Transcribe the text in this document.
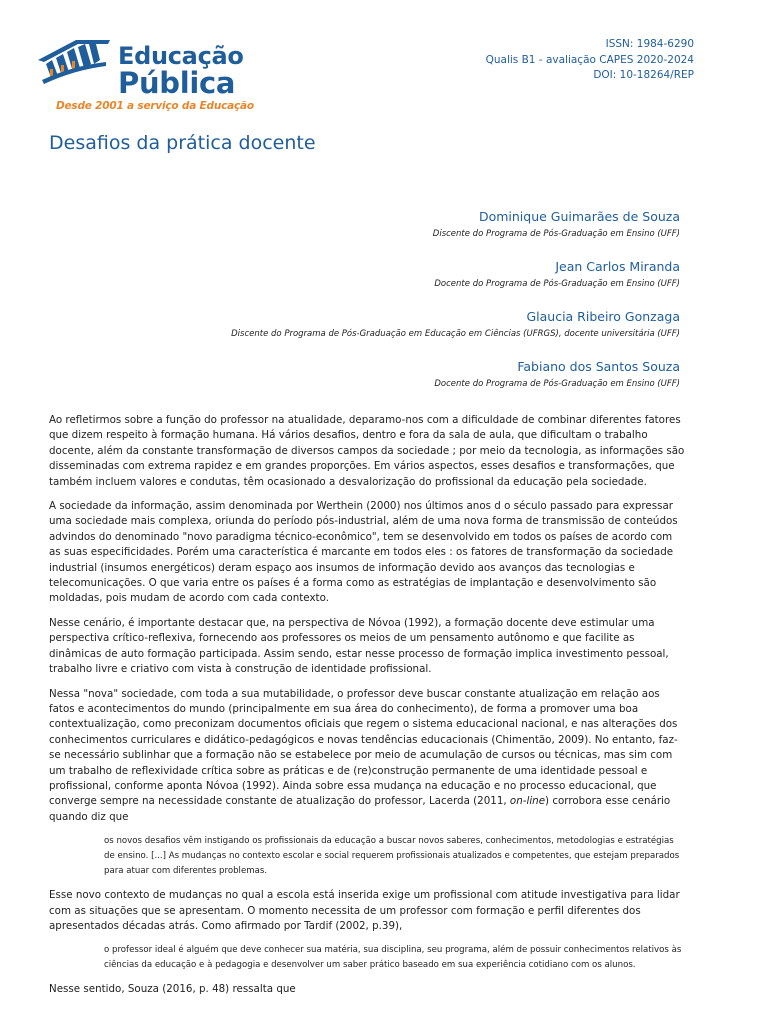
Educação
Pública
Desde 2001 a serviço da Educação
ISSN: 1984-6290
Qualis B1 - avaliação CAPES 2020-2024
DOI: 10-18264/REP
Desafios da prática docente
Dominique Guimarães de Souza
Discente do Programa de Pós-Graduação em Ensino (UFF)
Jean Carlos Miranda
Docente do Programa de Pós-Graduação em Ensino (UFF)
Glaucia Ribeiro Gonzaga
Discente do Programa de Pós-Graduação em Educação em Ciências (UFRGS), docente universitária (UFF)
Fabiano dos Santos Souza
Docente do Programa de Pós-Graduação em Ensino (UFF)

Ao refletirmos sobre a função do professor na atualidade, deparamo-nos com a dificuldade de combinar diferentes fatores que dizem respeito à formação humana. Há vários desafios, dentro e fora da sala de aula, que dificultam o trabalho docente, além da constante transformação de diversos campos da sociedade ; por meio da tecnologia, as informações são disseminadas com extrema rapidez e em grandes proporções. Em vários aspectos, esses desafios e transformações, que também incluem valores e condutas, têm ocasionado a desvalorização do profissional da educação pela sociedade.

A sociedade da informação, assim denominada por Werthein (2000) nos últimos anos d o século passado para expressar uma sociedade mais complexa, oriunda do período pós-industrial, além de uma nova forma de transmissão de conteúdos advindos do denominado "novo paradigma técnico-econômico", tem se desenvolvido em todos os países de acordo com as suas especificidades. Porém uma característica é marcante em todos eles : os fatores de transformação da sociedade industrial (insumos energéticos) deram espaço aos insumos de informação devido aos avanços das tecnologias e telecomunicações. O que varia entre os países é a forma como as estratégias de implantação e desenvolvimento são moldadas, pois mudam de acordo com cada contexto.

Nesse cenário, é importante destacar que, na perspectiva de Nóvoa (1992), a formação docente deve estimular uma perspectiva crítico-reflexiva, fornecendo aos professores os meios de um pensamento autônomo e que facilite as dinâmicas de auto formação participada. Assim sendo, estar nesse processo de formação implica investimento pessoal, trabalho livre e criativo com vista à construção de identidade profissional.

Nessa "nova" sociedade, com toda a sua mutabilidade, o professor deve buscar constante atualização em relação aos fatos e acontecimentos do mundo (principalmente em sua área do conhecimento), de forma a promover uma boa contextualização, como preconizam documentos oficiais que regem o sistema educacional nacional, e nas alterações dos conhecimentos curriculares e didático-pedagógicos e novas tendências educacionais (Chimentão, 2009). No entanto, faz-se necessário sublinhar que a formação não se estabelece por meio de acumulação de cursos ou técnicas, mas sim com um trabalho de reflexividade crítica sobre as práticas e de (re)construção permanente de uma identidade pessoal e profissional, conforme aponta Nóvoa (1992). Ainda sobre essa mudança na educação e no processo educacional, que converge sempre na necessidade constante de atualização do professor, Lacerda (2011, on-line) corrobora esse cenário quando diz que

os novos desafios vêm instigando os profissionais da educação a buscar novos saberes, conhecimentos, metodologias e estratégias de ensino. [...] As mudanças no contexto escolar e social requerem profissionais atualizados e competentes, que estejam preparados para atuar com diferentes problemas.

Esse novo contexto de mudanças no qual a escola está inserida exige um profissional com atitude investigativa para lidar com as situações que se apresentam. O momento necessita de um professor com formação e perfil diferentes dos apresentados décadas atrás. Como afirmado por Tardif (2002, p.39),

o professor ideal é alguém que deve conhecer sua matéria, sua disciplina, seu programa, além de possuir conhecimentos relativos às ciências da educação e à pedagogia e desenvolver um saber prático baseado em sua experiência cotidiano com os alunos.

Nesse sentido, Souza (2016, p. 48) ressalta que
